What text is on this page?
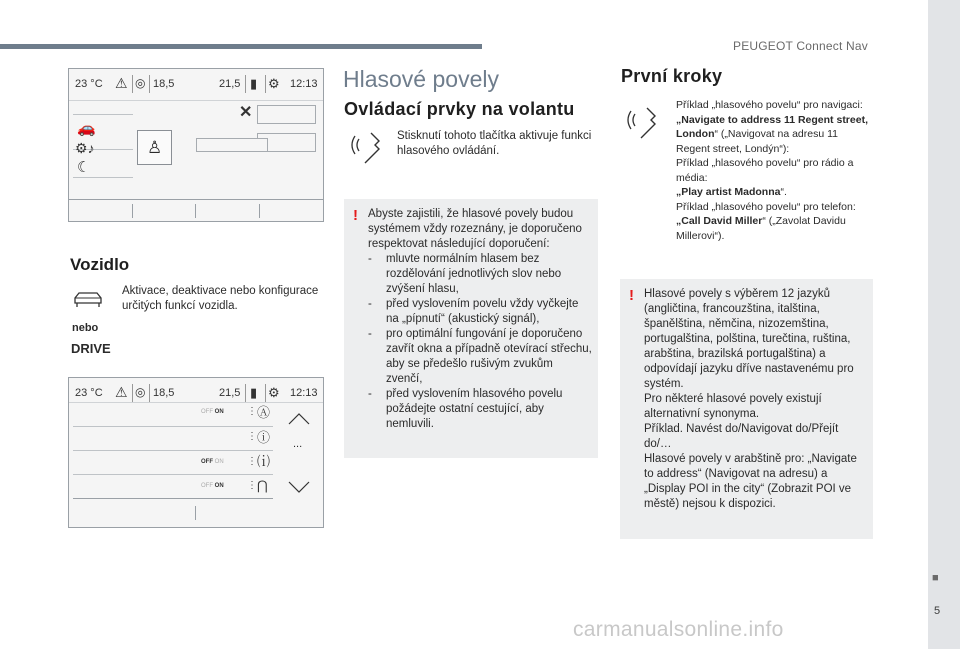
PEUGEOT Connect Nav
■
5
carmanualsonline.info
23 °C ⚠ ◎ 18,5	21,5 ▮ ⚙ 12:13
✕
🚗
⚙♪
☾
♙
Vozidlo
Aktivace, deaktivace nebo konfigurace určitých funkcí vozidla.
nebo
DRIVE
23 °C ⚠ ◎ 18,5	21,5 ▮ ⚙ 12:13
OFF ON ⋮ Ⓐ
⋮ ⓘ
OFF ON ⋮ ⒤
OFF ON ⋮ ⋂
...
Hlasové povely
Ovládací prvky na volantu
Stisknutí tohoto tlačítka aktivuje funkci hlasového ovládání.
! Abyste zajistili, že hlasové povely budou systémem vždy rozeznány, je doporučeno respektovat následující doporučení:
- mluvte normálním hlasem bez rozdělování jednotlivých slov nebo zvýšení hlasu,
- před vyslovením povelu vždy vyčkejte na „pípnutí“ (akustický signál),
- pro optimální fungování je doporučeno zavřít okna a případně otevírací střechu, aby se předešlo rušivým zvukům zvenčí,
- před vyslovením hlasového povelu požádejte ostatní cestující, aby nemluvili.
První kroky
Příklad „hlasového povelu“ pro navigaci:
„Navigate to address 11 Regent street, London“ („Navigovat na adresu 11 Regent street, Londýn“):
Příklad „hlasového povelu“ pro rádio a média:
„Play artist Madonna“.
Příklad „hlasového povelu“ pro telefon:
„Call David Miller“ („Zavolat Davidu Millerovi“).
! Hlasové povely s výběrem 12 jazyků (angličtina, francouzština, italština, španělština, němčina, nizozemština, portugalština, polština, turečtina, ruština, arabština, brazilská portugalština) a odpovídají jazyku dříve nastavenému pro systém.
Pro některé hlasové povely existují alternativní synonyma.
Příklad. Navést do/Navigovat do/Přejít do/…
Hlasové povely v arabštině pro: „Navigate to address“ (Navigovat na adresu) a „Display POI in the city“ (Zobrazit POI ve městě) nejsou k dispozici.
